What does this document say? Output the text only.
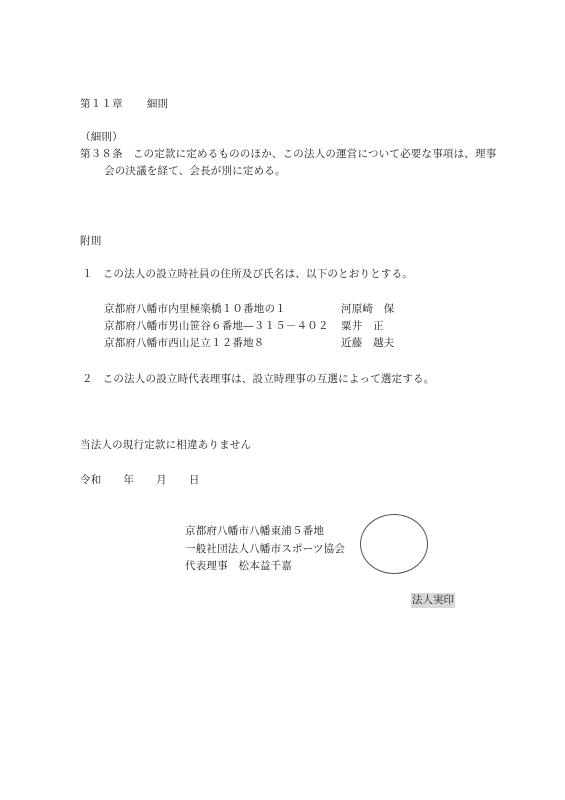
第１１章 細則
（細則）
第３８条 この定款に定めるもののほか、この法人の運営について必要な事項は、理事
会の決議を経て、会長が別に定める。
附則
１ この法人の設立時社員の住所及び氏名は、以下のとおりとする。
京都府八幡市内里極楽橋１０番地の１	河原崎　保
京都府八幡市男山笹谷６番地―３１５－４０２ 粟井　正
京都府八幡市西山足立１２番地８	近藤　越夫
２ この法人の設立時代表理事は、設立時理事の互選によって選定する。
当法人の現行定款に相違ありません
令和 年 月 日
京都府八幡市八幡東浦５番地
一般社団法人八幡市スポーツ協会
代表理事　松本益千嘉
法人実印
